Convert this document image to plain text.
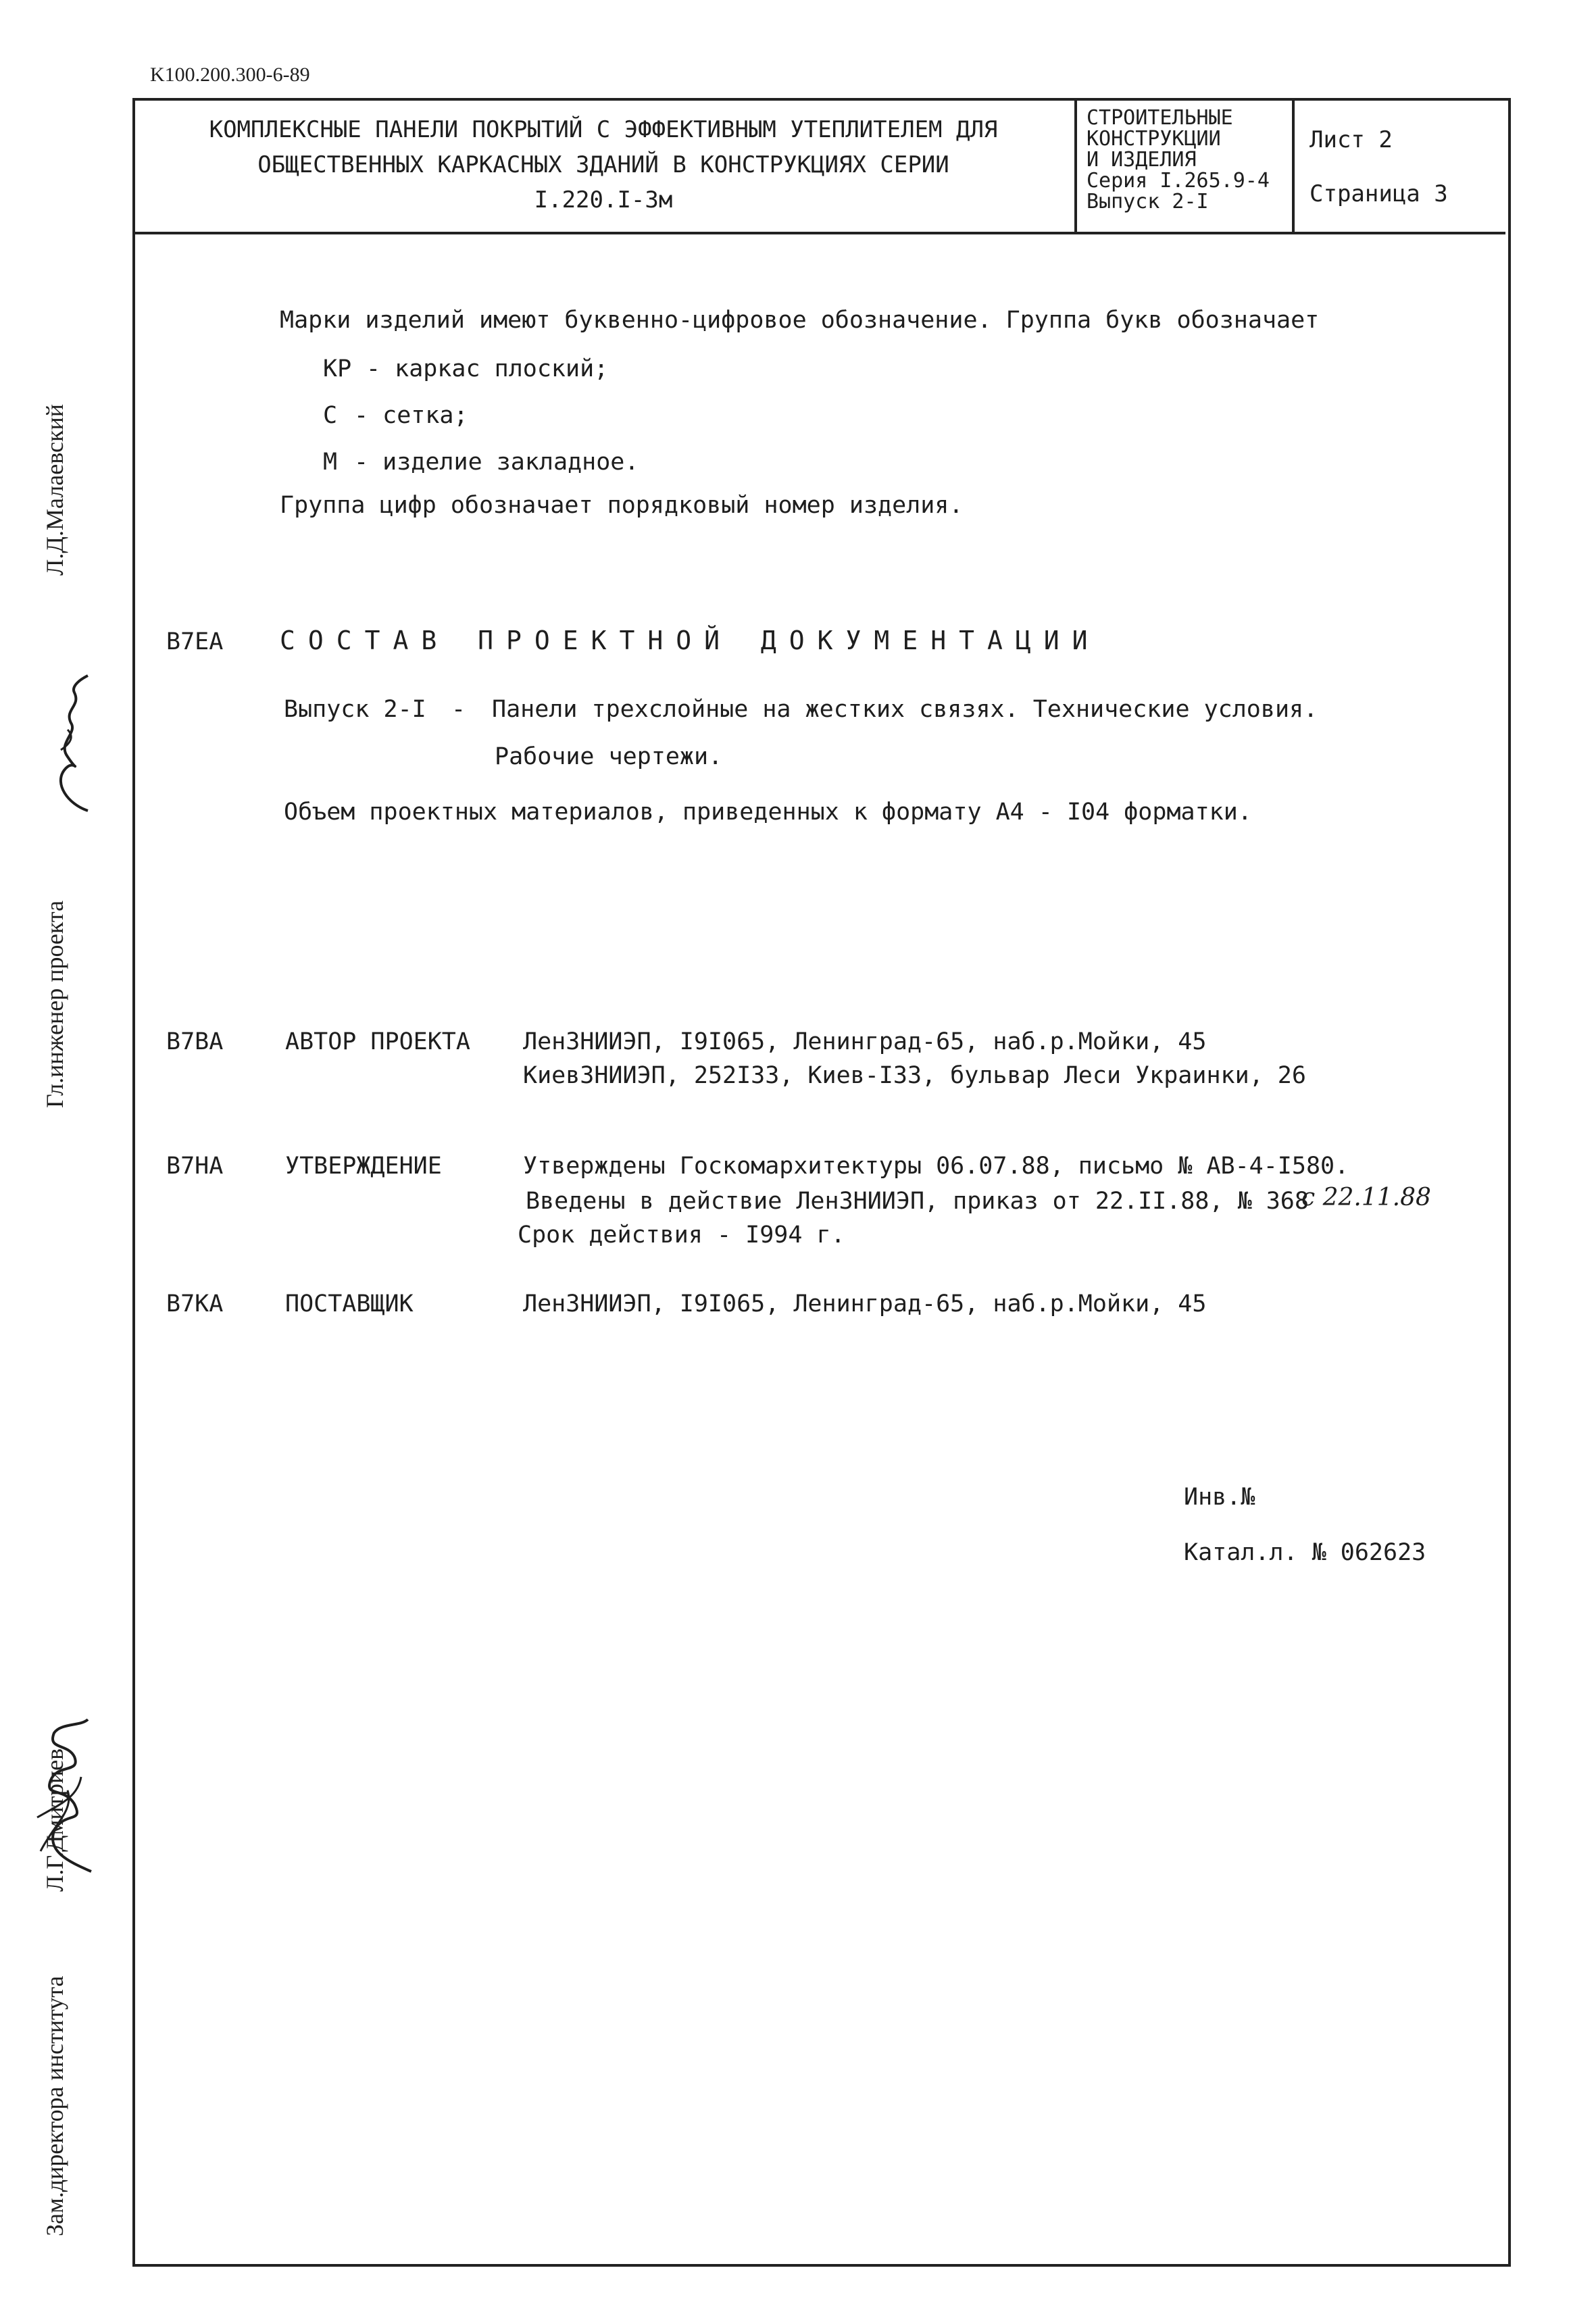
K100.200.300-6-89
КОМПЛЕКСНЫЕ ПАНЕЛИ ПОКРЫТИЙ С ЭФФЕКТИВНЫМ УТЕПЛИТЕЛЕМ ДЛЯ
ОБЩЕСТВЕННЫХ КАРКАСНЫХ ЗДАНИЙ В КОНСТРУКЦИЯХ СЕРИИ
I.220.I-3м
СТРОИТЕЛЬНЫЕ
КОНСТРУКЦИИ
И ИЗДЕЛИЯ
Серия I.265.9-4
Выпуск 2-I
Лист 2
Страница 3
Марки изделий имеют буквенно-цифровое обозначение. Группа букв обозначает
КР - каркас плоский;
С - сетка;
М - изделие закладное.
Группа цифр обозначает порядковый номер изделия.
В7ЕА СОСТАВ ПРОЕКТНОЙ ДОКУМЕНТАЦИИ
Выпуск 2-I - Панели трехслойные на жестких связях. Технические условия.
Рабочие чертежи.
Объем проектных материалов, приведенных к формату А4 - I04 форматки.
В7ВА	АВТОР ПРОЕКТА ЛенЗНИИЭП, I9I065, Ленинград-65, наб.р.Мойки, 45
КиевЗНИИЭП, 252I33, Киев-I33, бульвар Леси Украинки, 26
В7НА	УТВЕРЖДЕНИЕ	Утверждены Госкомархитектуры 06.07.88, письмо № АВ-4-I580.
Введены в действие ЛенЗНИИЭП, приказ от 22.II.88, № 368
с 22.11.88
Срок действия - I994 г.
В7КА	ПОСТАВЩИК	ЛенЗНИИЭП, I9I065, Ленинград-65, наб.р.Мойки, 45
Инв.№
Катал.л. № 062623
Л.Д.Малаевский
Гл.инженер проекта
Л.Г.Дмитриев
Зам.директора института
